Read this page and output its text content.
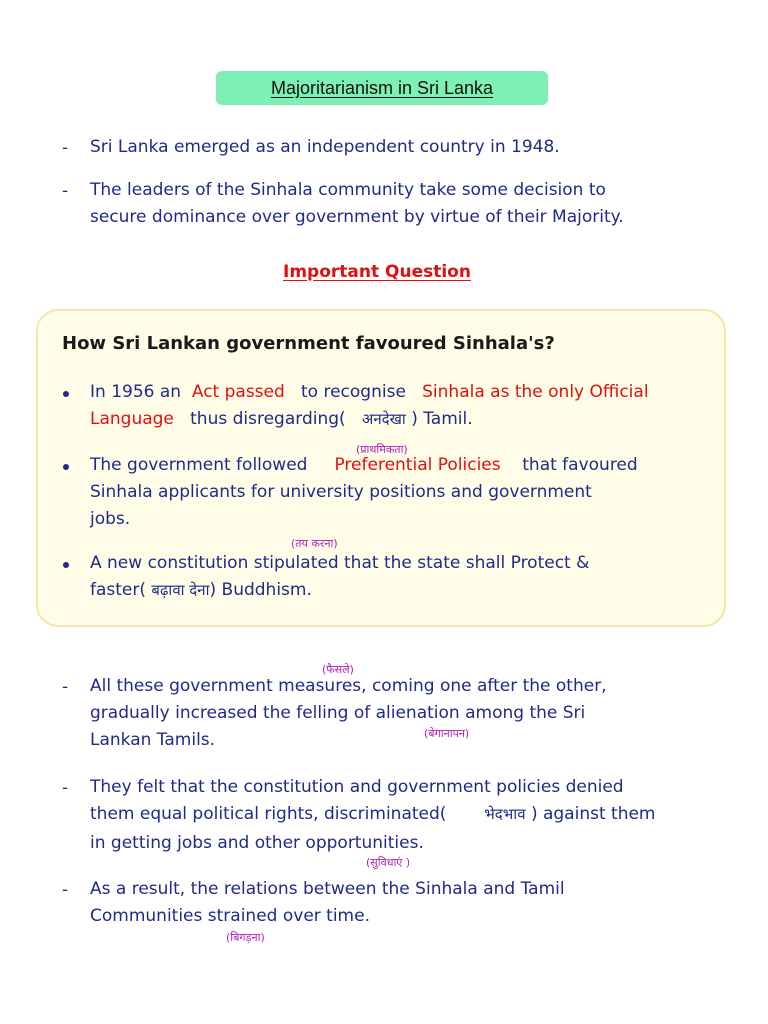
Majoritarianism in Sri Lanka
- Sri Lanka emerged as an independent country in 1948.
- The leaders of the Sinhala community take some decision to
secure dominance over government by virtue of their Majority.
Important Question
How Sri Lankan government favoured Sinhala's?
In 1956 an Act passed to recognise Sinhala as the only Official
Language thus disregarding( अनदेखा ) Tamil.
(प्राथमिकता)
The government followed Preferential Policies that favoured
Sinhala applicants for university positions and government
jobs.
(तय करना)
A new constitution stipulated that the state shall Protect &
faster( बढ़ावा देना) Buddhism.
(फैसले)
- All these government measures, coming one after the other,
gradually increased the felling of alienation among the Sri
Lankan Tamils.	(बेगानापन)
- They felt that the constitution and government policies denied
them equal political rights, discriminated(	भेदभाव ) against them
in getting jobs and other opportunities.
(सुविधाएं )
- As a result, the relations between the Sinhala and Tamil
Communities strained over time.
(बिगड़ना)
